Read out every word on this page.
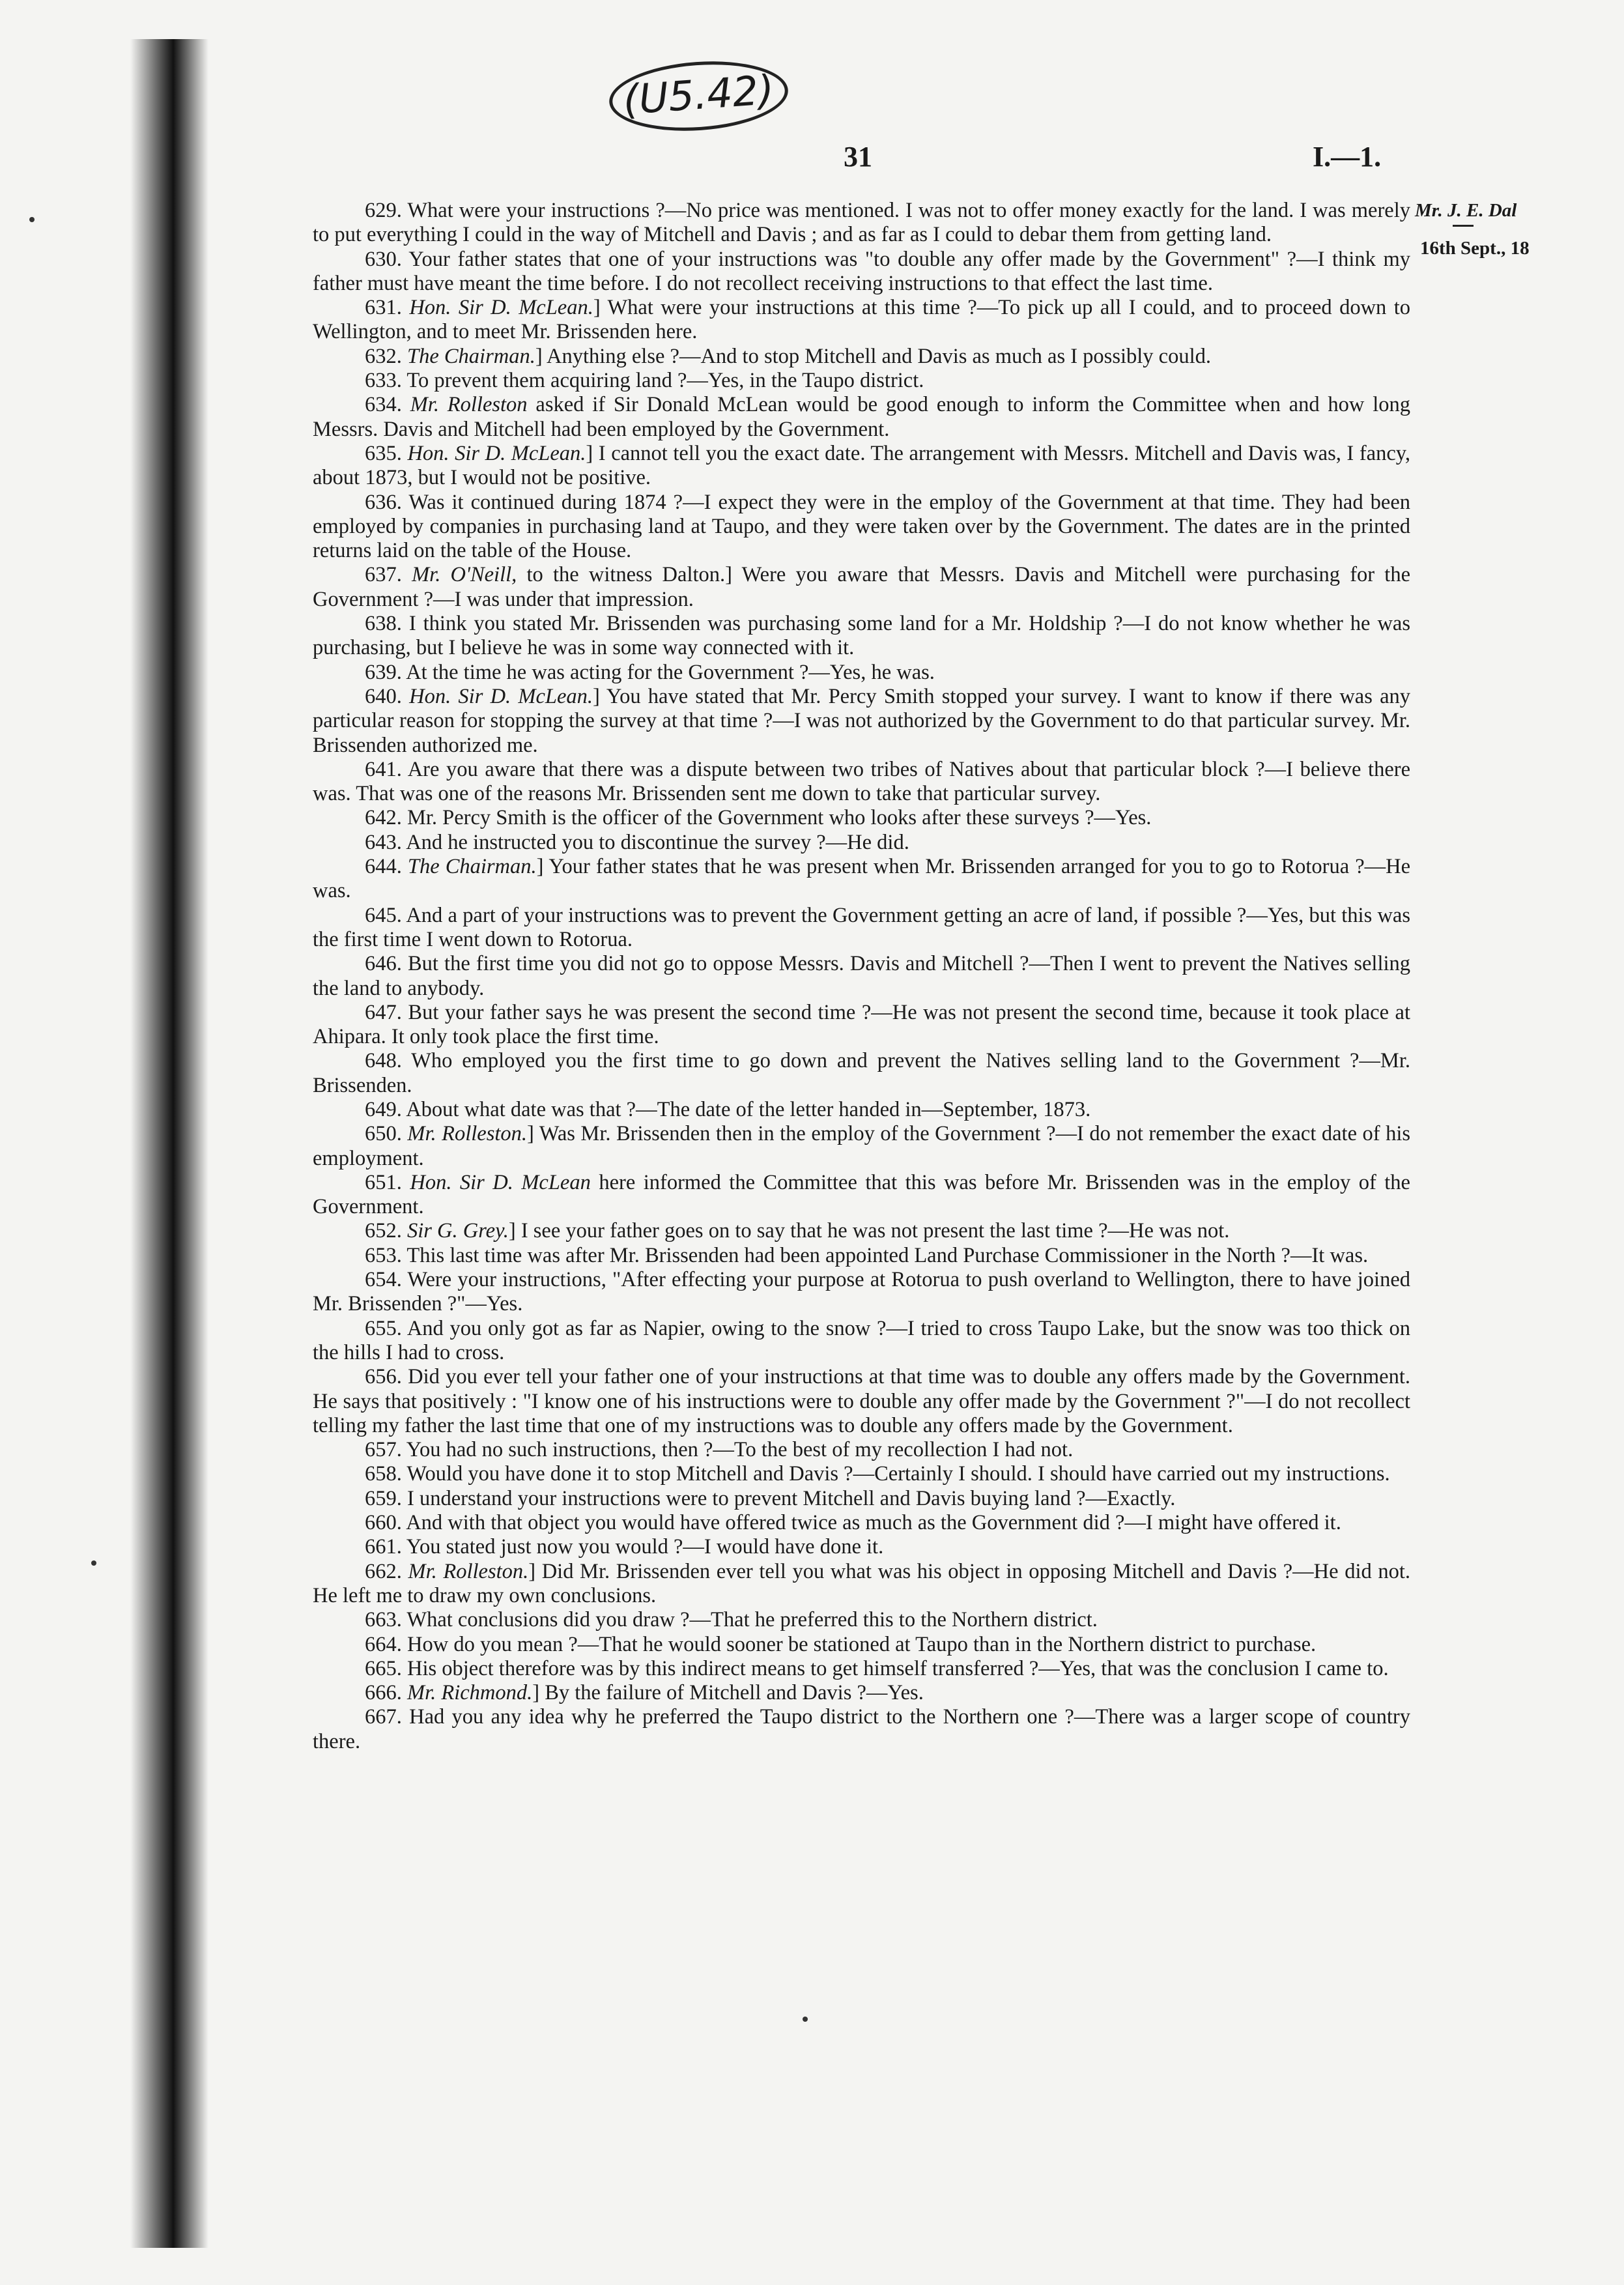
(U5.42)
31	I.—1.
Mr. J. E. Dal
16th Sept., 18

629. What were your instructions ?—No price was mentioned. I was not to offer money exactly for the land. I was merely to put everything I could in the way of Mitchell and Davis ; and as far as I could to debar them from getting land.

630. Your father states that one of your instructions was "to double any offer made by the Government" ?—I think my father must have meant the time before. I do not recollect receiving instructions to that effect the last time.

631. Hon. Sir D. McLean.] What were your instructions at this time ?—To pick up all I could, and to proceed down to Wellington, and to meet Mr. Brissenden here.

632. The Chairman.] Anything else ?—And to stop Mitchell and Davis as much as I possibly could.

633. To prevent them acquiring land ?—Yes, in the Taupo district.

634. Mr. Rolleston asked if Sir Donald McLean would be good enough to inform the Committee when and how long Messrs. Davis and Mitchell had been employed by the Government.

635. Hon. Sir D. McLean.] I cannot tell you the exact date. The arrangement with Messrs. Mitchell and Davis was, I fancy, about 1873, but I would not be positive.

636. Was it continued during 1874 ?—I expect they were in the employ of the Government at that time. They had been employed by companies in purchasing land at Taupo, and they were taken over by the Government. The dates are in the printed returns laid on the table of the House.

637. Mr. O'Neill, to the witness Dalton.] Were you aware that Messrs. Davis and Mitchell were purchasing for the Government ?—I was under that impression.

638. I think you stated Mr. Brissenden was purchasing some land for a Mr. Holdship ?—I do not know whether he was purchasing, but I believe he was in some way connected with it.

639. At the time he was acting for the Government ?—Yes, he was.

640. Hon. Sir D. McLean.] You have stated that Mr. Percy Smith stopped your survey. I want to know if there was any particular reason for stopping the survey at that time ?—I was not authorized by the Government to do that particular survey. Mr. Brissenden authorized me.

641. Are you aware that there was a dispute between two tribes of Natives about that particular block ?—I believe there was. That was one of the reasons Mr. Brissenden sent me down to take that particular survey.

642. Mr. Percy Smith is the officer of the Government who looks after these surveys ?—Yes.

643. And he instructed you to discontinue the survey ?—He did.

644. The Chairman.] Your father states that he was present when Mr. Brissenden arranged for you to go to Rotorua ?—He was.

645. And a part of your instructions was to prevent the Government getting an acre of land, if possible ?—Yes, but this was the first time I went down to Rotorua.

646. But the first time you did not go to oppose Messrs. Davis and Mitchell ?—Then I went to prevent the Natives selling the land to anybody.

647. But your father says he was present the second time ?—He was not present the second time, because it took place at Ahipara. It only took place the first time.

648. Who employed you the first time to go down and prevent the Natives selling land to the Government ?—Mr. Brissenden.

649. About what date was that ?—The date of the letter handed in—September, 1873.

650. Mr. Rolleston.] Was Mr. Brissenden then in the employ of the Government ?—I do not remember the exact date of his employment.

651. Hon. Sir D. McLean here informed the Committee that this was before Mr. Brissenden was in the employ of the Government.

652. Sir G. Grey.] I see your father goes on to say that he was not present the last time ?—He was not.

653. This last time was after Mr. Brissenden had been appointed Land Purchase Commissioner in the North ?—It was.

654. Were your instructions, "After effecting your purpose at Rotorua to push overland to Wellington, there to have joined Mr. Brissenden ?"—Yes.

655. And you only got as far as Napier, owing to the snow ?—I tried to cross Taupo Lake, but the snow was too thick on the hills I had to cross.

656. Did you ever tell your father one of your instructions at that time was to double any offers made by the Government. He says that positively : "I know one of his instructions were to double any offer made by the Government ?"—I do not recollect telling my father the last time that one of my instructions was to double any offers made by the Government.

657. You had no such instructions, then ?—To the best of my recollection I had not.

658. Would you have done it to stop Mitchell and Davis ?—Certainly I should. I should have carried out my instructions.

659. I understand your instructions were to prevent Mitchell and Davis buying land ?—Exactly.

660. And with that object you would have offered twice as much as the Government did ?—I might have offered it.

661. You stated just now you would ?—I would have done it.

662. Mr. Rolleston.] Did Mr. Brissenden ever tell you what was his object in opposing Mitchell and Davis ?—He did not. He left me to draw my own conclusions.

663. What conclusions did you draw ?—That he preferred this to the Northern district.

664. How do you mean ?—That he would sooner be stationed at Taupo than in the Northern district to purchase.

665. His object therefore was by this indirect means to get himself transferred ?—Yes, that was the conclusion I came to.

666. Mr. Richmond.] By the failure of Mitchell and Davis ?—Yes.

667. Had you any idea why he preferred the Taupo district to the Northern one ?—There was a larger scope of country there.
